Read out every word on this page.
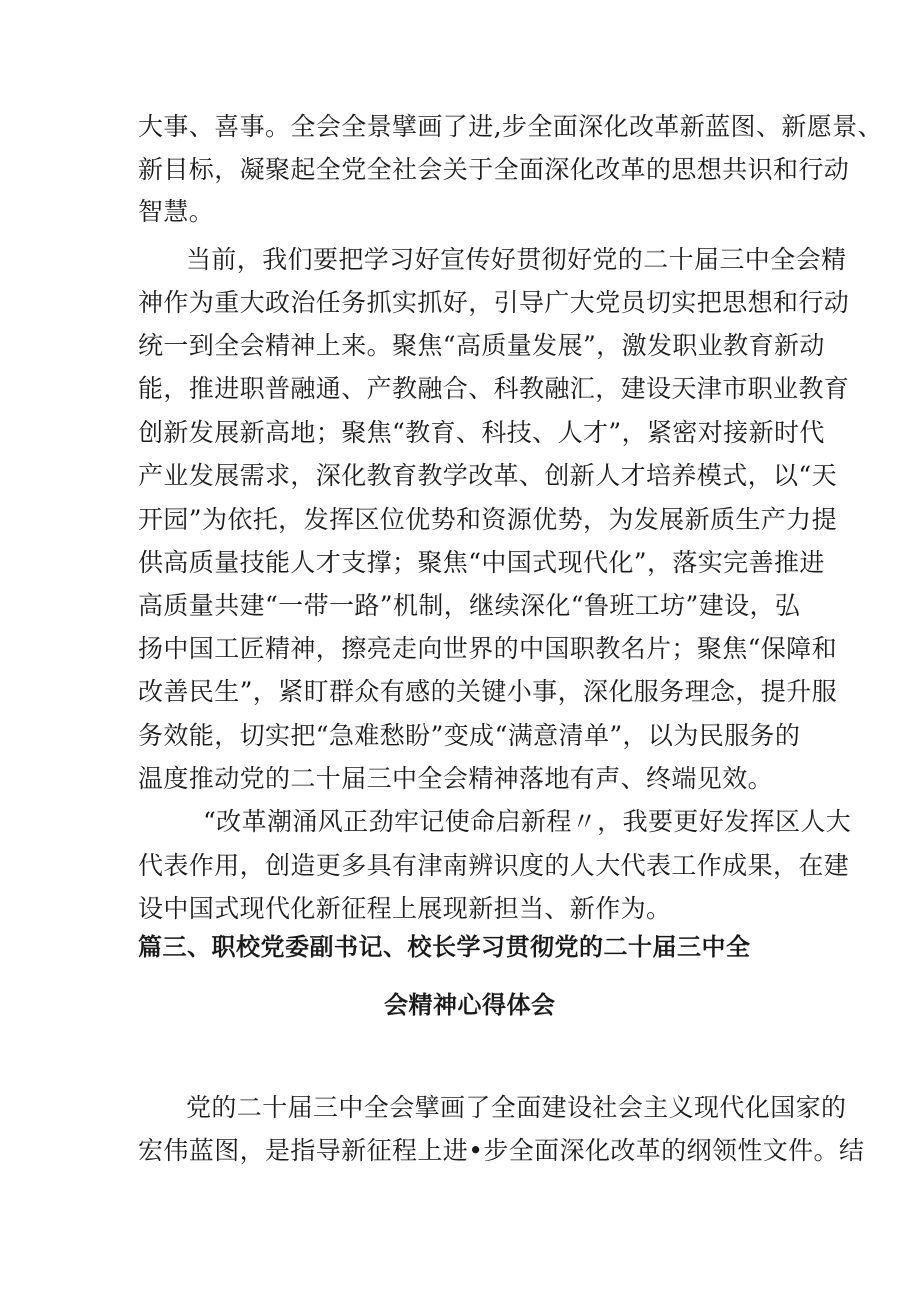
大事、喜事。全会全景擘画了进,步全面深化改革新蓝图、新愿景、
新目标，凝聚起全党全社会关于全面深化改革的思想共识和行动
智慧。
当前，我们要把学习好宣传好贯彻好党的二十届三中全会精
神作为重大政治任务抓实抓好，引导广大党员切实把思想和行动
统一到全会精神上来。聚焦“高质量发展”，激发职业教育新动
能，推进职普融通、产教融合、科教融汇，建设天津市职业教育
创新发展新高地；聚焦“教育、科技、人才”，紧密对接新时代
产业发展需求，深化教育教学改革、创新人才培养模式，以“天
开园”为依托，发挥区位优势和资源优势，为发展新质生产力提
供高质量技能人才支撑；聚焦“中国式现代化”，落实完善推进
高质量共建“一带一路”机制，继续深化“鲁班工坊”建设，弘
扬中国工匠精神，擦亮走向世界的中国职教名片；聚焦“保障和
改善民生”，紧盯群众有感的关键小事，深化服务理念，提升服
务效能，切实把“急难愁盼”变成“满意清单”，以为民服务的
温度推动党的二十届三中全会精神落地有声、终端见效。
“改革潮涌风正劲牢记使命启新程〃，我要更好发挥区人大
代表作用，创造更多具有津南辨识度的人大代表工作成果，在建
设中国式现代化新征程上展现新担当、新作为。
篇三、职校党委副书记、校长学习贯彻党的二十届三中全
会精神心得体会
党的二十届三中全会擘画了全面建设社会主义现代化国家的
宏伟蓝图，是指导新征程上进•步全面深化改革的纲领性文件。结
